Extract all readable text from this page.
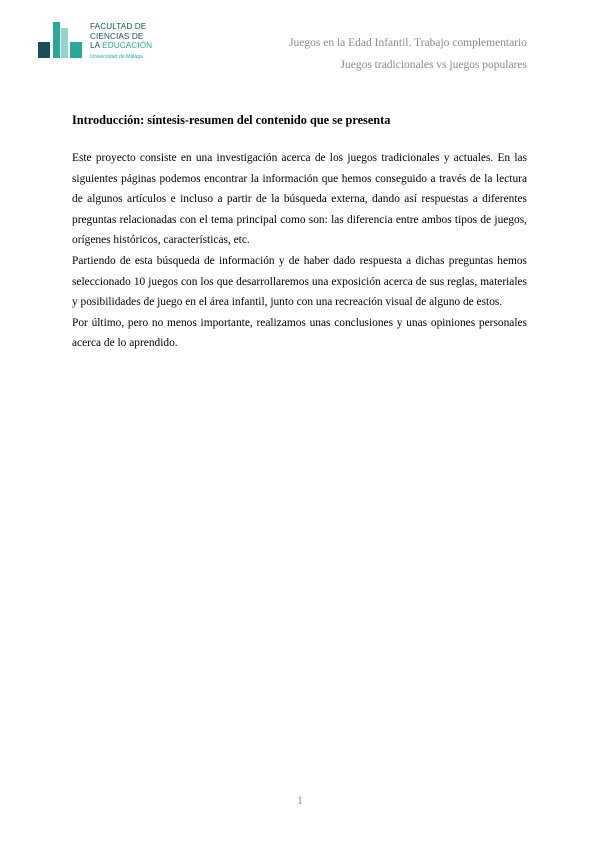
FACULTAD DE
CIENCIAS DE
LA EDUCACIÓN
Universidad de Málaga
Juegos en la Edad Infantil. Trabajo complementario
Juegos tradicionales vs juegos populares

Introducción: síntesis-resumen del contenido que se presenta

Este proyecto consiste en una investigación acerca de los juegos tradicionales y actuales. En las siguientes páginas podemos encontrar la información que hemos conseguido a través de la lectura de algunos artículos e incluso a partir de la búsqueda externa, dando así respuestas a diferentes preguntas relacionadas con el tema principal como son: las diferencia entre ambos tipos de juegos, orígenes históricos, características, etc.

Partiendo de esta búsqueda de información y de haber dado respuesta a dichas preguntas hemos seleccionado 10 juegos con los que desarrollaremos una exposición acerca de sus reglas, materiales y posibilidades de juego en el área infantil, junto con una recreación visual de alguno de estos.

Por último, pero no menos importante, realizamos unas conclusiones y unas opiniones personales acerca de lo aprendido.

1
